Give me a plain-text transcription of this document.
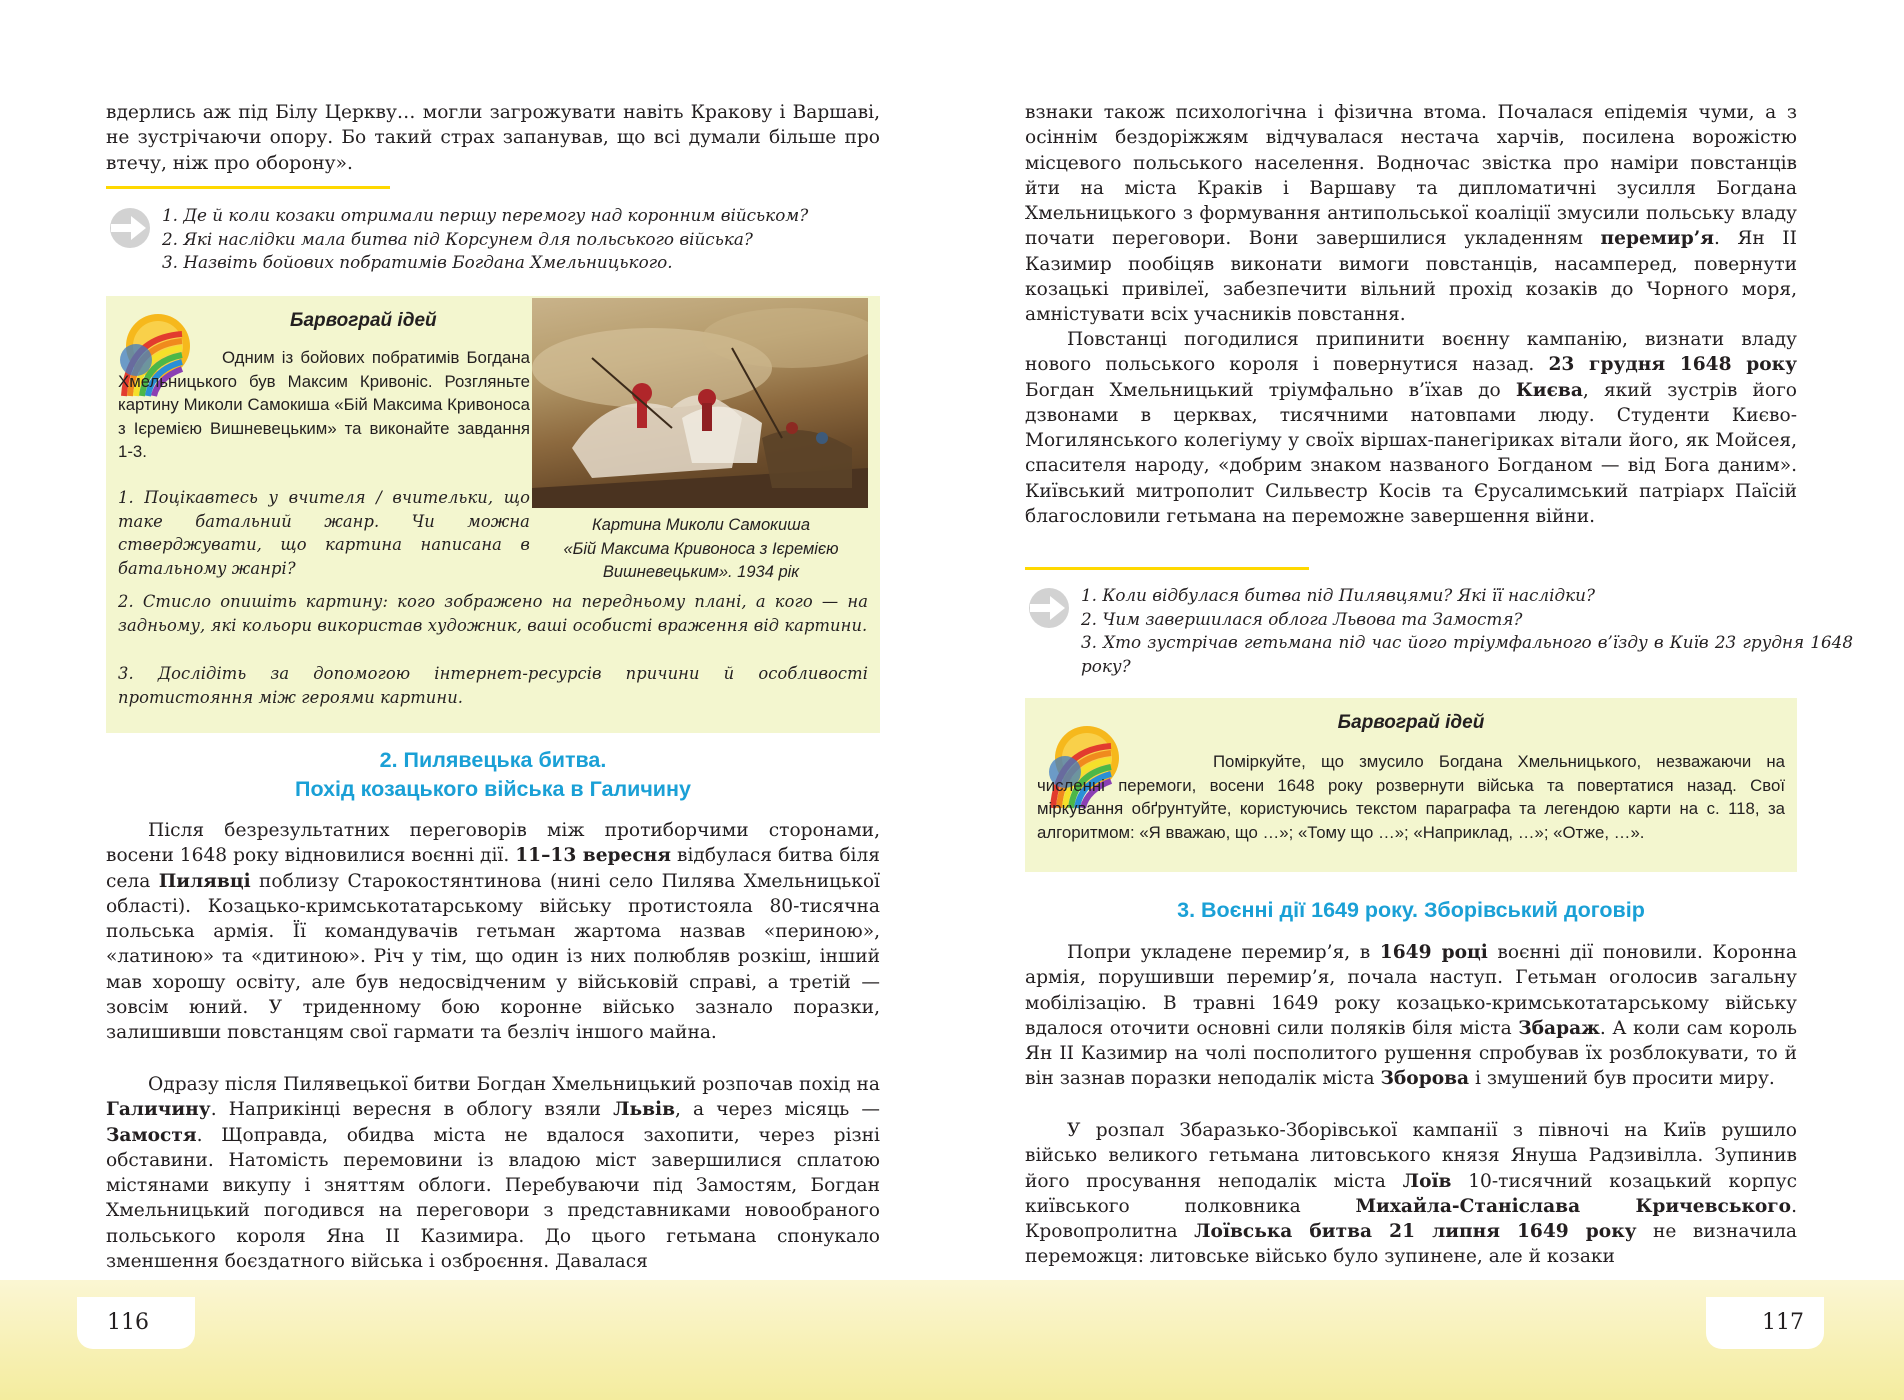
116	117

вдерлись аж під Білу Церкву… могли загрожувати навіть Кракову і Варшаві, не зустрічаючи опору. Бо такий страх запанував, що всі думали більше про втечу, ніж про оборону».

1. Де й коли козаки отримали першу перемогу над коронним військом?

2. Які наслідки мала битва під Корсунем для польського війська?

3. Назвіть бойових побратимів Богдана Хмельницького.

Барвограй ідей

Одним із бойових побратимів Богдана Хмельницького був Максим Кривоніс. Розгляньте картину Миколи Самокиша «Бій Максима Кривоноса з Ієремією Вишневецьким» та виконайте завдання 1-3.

1. Поцікавтесь у вчителя / вчительки, що таке батальний жанр. Чи можна стверджувати, що картина написана в батальному жанрі?

Картина Миколи Самокиша
«Бій Максима Кривоноса з Ієремією
Вишневецьким». 1934 рік

2. Стисло опишіть картину: кого зображено на передньому плані, а кого — на задньому, які кольори використав художник, ваші особисті враження від картини.

3. Дослідіть за допомогою інтернет-ресурсів причини й особливості протистояння між героями картини.

2. Пилявецька битва.

Похід козацького війська в Галичину

Після безрезультатних переговорів між протиборчими сторонами, восени 1648 року відновилися воєнні дії. 11–13 вересня відбулася битва біля села Пилявці поблизу Старокостянтинова (нині село Пилява Хмельницької області). Козацько-кримськотатарському війську протистояла 80-тисячна польська армія. Її командувачів гетьман жартома назвав «периною», «латиною» та «дитиною». Річ у тім, що один із них полюбляв розкіш, інший мав хорошу освіту, але був недосвідченим у військовій справі, а третій — зовсім юний. У триденному бою коронне військо зазнало поразки, залишивши повстанцям свої гармати та безліч іншого майна.

Одразу після Пилявецької битви Богдан Хмельницький розпочав похід на Галичину. Наприкінці вересня в облогу взяли Львів, а через місяць — Замостя. Щоправда, обидва міста не вдалося захопити, через різні обставини. Натомість перемовини із владою міст завершилися сплатою містянами викупу і зняттям облоги. Перебуваючи під Замостям, Богдан Хмельницький погодився на переговори з представниками новообраного польського короля Яна ІІ Казимира. До цього гетьмана спонукало зменшення боєздатного війська і озброєння. Давалася

взнаки також психологічна і фізична втома. Почалася епідемія чуми, а з осіннім бездоріжжям відчувалася нестача харчів, посилена ворожістю місцевого польського населення. Водночас звістка про наміри повстанців йти на міста Краків і Варшаву та дипломатичні зусилля Богдана Хмельницького з формування антипольської коаліції змусили польську владу почати переговори. Вони завершилися укладенням перемир’я. Ян ІІ Казимир пообіцяв виконати вимоги повстанців, насамперед, повернути козацькі привілеї, забезпечити вільний прохід козаків до Чорного моря, амністувати всіх учасників повстання.

Повстанці погодилися припинити воєнну кампанію, визнати владу нового польського короля і повернутися назад. 23 грудня 1648 року Богдан Хмельницький тріумфально в’їхав до Києва, який зустрів його дзвонами в церквах, тисячними натовпами люду. Студенти Києво-Могилянського колегіуму у своїх віршах-панегіриках вітали його, як Мойсея, спасителя народу, «добрим знаком названого Богданом — від Бога даним». Київський митрополит Сильвестр Косів та Єрусалимський патріарх Паїсій благословили гетьмана на переможне завершення війни.

1. Коли відбулася битва під Пилявцями? Які її наслідки?

2. Чим завершилася облога Львова та Замостя?

3. Хто зустрічав гетьмана під час його тріумфального в’їзду в Київ 23 грудня 1648 року?

Барвограй ідей

Поміркуйте, що змусило Богдана Хмельницького, незважаючи на численні перемоги, восени 1648 року розвернути війська та повертатися назад. Свої міркування обґрунтуйте, користуючись текстом параграфа та легендою карти на с. 118, за алгоритмом: «Я вважаю, що …»; «Тому що …»; «Наприклад, …»; «Отже, …».

3. Воєнні дії 1649 року. Зборівський договір

Попри укладене перемир’я, в 1649 році воєнні дії поновили. Коронна армія, порушивши перемир’я, почала наступ. Гетьман оголосив загальну мобілізацію. В травні 1649 року козацько-кримськотатарському війську вдалося оточити основні сили поляків біля міста Збараж. А коли сам король Ян ІІ Казимир на чолі посполитого рушення спробував їх розблокувати, то й він зазнав поразки неподалік міста Зборова і змушений був просити миру.

У розпал Збаразько-Зборівської кампанії з півночі на Київ рушило військо великого гетьмана литовського князя Януша Радзивілла. Зупинив його просування неподалік міста Лоїв 10-тисячний козацький корпус київського полковника Михайла-Станіслава Кричевського. Кровопролитна Лоївська битва 21 липня 1649 року не визначила переможця: литовське військо було зупинене, але й козаки
